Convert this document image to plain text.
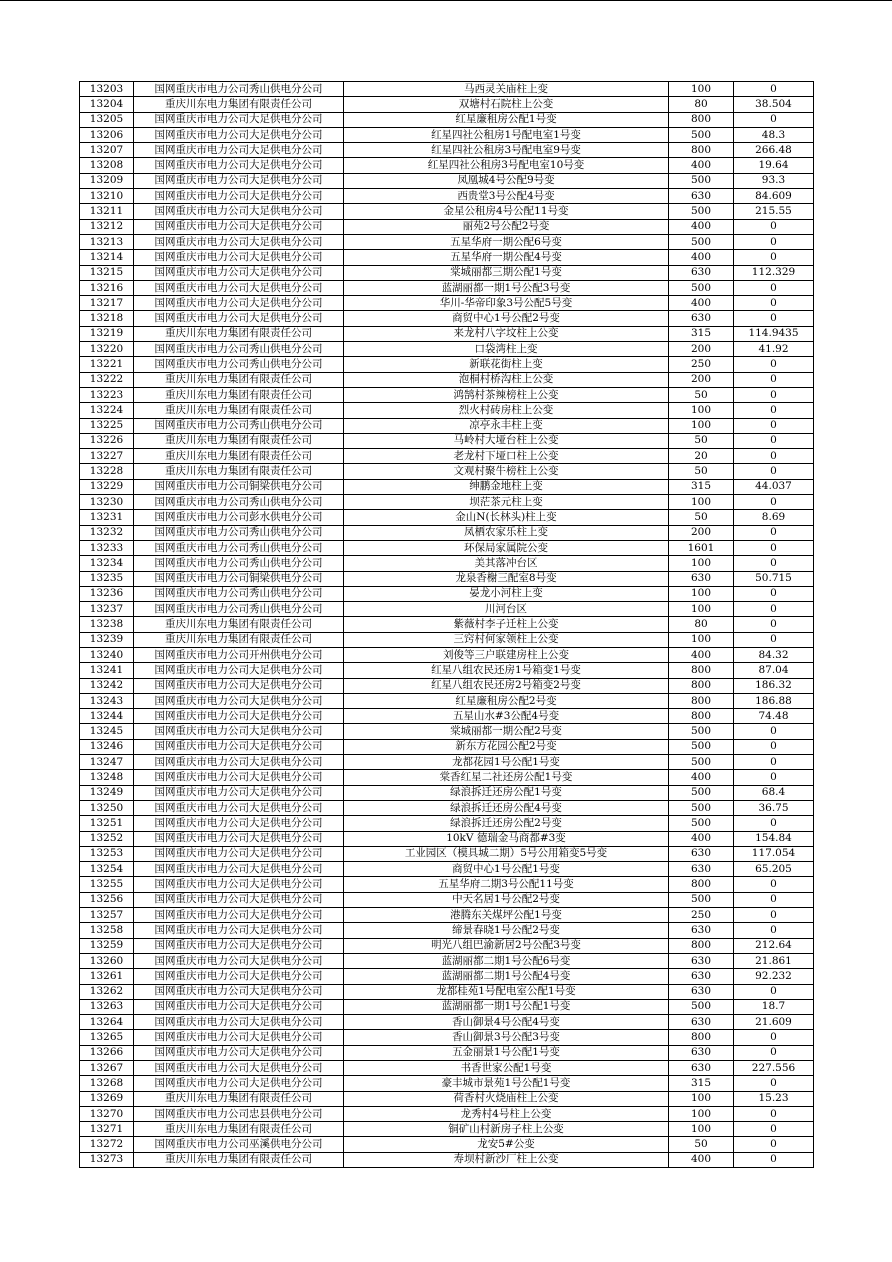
13203	国网重庆市电力公司秀山供电分公司	马西灵关庙柱上变	100	0
13204	重庆川东电力集团有限责任公司	双塘村石院柱上公变	80	38.504
13205	国网重庆市电力公司大足供电分公司	红星廉租房公配1号变	800	0
13206	国网重庆市电力公司大足供电分公司	红星四社公租房1号配电室1号变	500	48.3
13207	国网重庆市电力公司大足供电分公司	红星四社公租房3号配电室9号变	800	266.48
13208	国网重庆市电力公司大足供电分公司	红星四社公租房3号配电室10号变	400	19.64
13209	国网重庆市电力公司大足供电分公司	凤凰城4号公配9号变	500	93.3
13210	国网重庆市电力公司大足供电分公司	西贵堂3号公配4号变	630	84.609
13211	国网重庆市电力公司大足供电分公司	金星公租房4号公配11号变	500	215.55
13212	国网重庆市电力公司大足供电分公司	丽苑2号公配2号变	400	0
13213	国网重庆市电力公司大足供电分公司	五星华府一期公配6号变	500	0
13214	国网重庆市电力公司大足供电分公司	五星华府一期公配4号变	400	0
13215	国网重庆市电力公司大足供电分公司	棠城丽都三期公配1号变	630	112.329
13216	国网重庆市电力公司大足供电分公司	蓝湖丽都一期1号公配3号变	500	0
13217	国网重庆市电力公司大足供电分公司	华川-华帝印象3号公配5号变	400	0
13218	国网重庆市电力公司大足供电分公司	商贸中心1号公配2号变	630	0
13219	重庆川东电力集团有限责任公司	来龙村八字坟柱上公变	315	114.9435
13220	国网重庆市电力公司秀山供电分公司	口袋湾柱上变	200	41.92
13221	国网重庆市电力公司秀山供电分公司	新联花街柱上变	250	0
13222	重庆川东电力集团有限责任公司	泡桐村桥沟柱上公变	200	0
13223	重庆川东电力集团有限责任公司	鸿鹄村茶辣榜柱上公变	50	0
13224	重庆川东电力集团有限责任公司	烈火村砖房柱上公变	100	0
13225	国网重庆市电力公司秀山供电分公司	凉亭永丰柱上变	100	0
13226	重庆川东电力集团有限责任公司	马岭村大垭台柱上公变	50	0
13227	重庆川东电力集团有限责任公司	老龙村下垭口柱上公变	20	0
13228	重庆川东电力集团有限责任公司	文观村聚牛榜柱上公变	50	0
13229	国网重庆市电力公司铜梁供电分公司	绅鹏金地柱上变	315	44.037
13230	国网重庆市电力公司秀山供电分公司	坝茫茶元柱上变	100	0
13231	国网重庆市电力公司彭水供电分公司	金山N(长林头)柱上变	50	8.69
13232	国网重庆市电力公司秀山供电分公司	凤栖农家乐柱上变	200	0
13233	国网重庆市电力公司秀山供电分公司	环保局家属院公变	1601	0
13234	国网重庆市电力公司秀山供电分公司	美其落冲台区	100	0
13235	国网重庆市电力公司铜梁供电分公司	龙泉香榭三配室8号变	630	50.715
13236	国网重庆市电力公司秀山供电分公司	晏龙小河柱上变	100	0
13237	国网重庆市电力公司秀山供电分公司	川河台区	100	0
13238	重庆川东电力集团有限责任公司	紫薇村李子迁柱上公变	80	0
13239	重庆川东电力集团有限责任公司	三窍村何家领柱上公变	100	0
13240	国网重庆市电力公司开州供电分公司	刘俊等三户联建房柱上公变	400	84.32
13241	国网重庆市电力公司大足供电分公司	红星八组农民还房1号箱变1号变	800	87.04
13242	国网重庆市电力公司大足供电分公司	红星八组农民还房2号箱变2号变	800	186.32
13243	国网重庆市电力公司大足供电分公司	红星廉租房公配2号变	800	186.88
13244	国网重庆市电力公司大足供电分公司	五星山水#3公配4号变	800	74.48
13245	国网重庆市电力公司大足供电分公司	棠城丽都一期公配2号变	500	0
13246	国网重庆市电力公司大足供电分公司	新东方花园公配2号变	500	0
13247	国网重庆市电力公司大足供电分公司	龙都花园1号公配1号变	500	0
13248	国网重庆市电力公司大足供电分公司	棠香红星二社还房公配1号变	400	0
13249	国网重庆市电力公司大足供电分公司	绿浪拆迁还房公配1号变	500	68.4
13250	国网重庆市电力公司大足供电分公司	绿浪拆迁还房公配4号变	500	36.75
13251	国网重庆市电力公司大足供电分公司	绿浪拆迁还房公配2号变	500	0
13252	国网重庆市电力公司大足供电分公司	10kV 德瑞金马商都#3变	400	154.84
13253	国网重庆市电力公司大足供电分公司	工业园区（模具城二期）5号公用箱变5号变	630	117.054
13254	国网重庆市电力公司大足供电分公司	商贸中心1号公配1号变	630	65.205
13255	国网重庆市电力公司大足供电分公司	五星华府二期3号公配11号变	800	0
13256	国网重庆市电力公司大足供电分公司	中天名居1号公配2号变	500	0
13257	国网重庆市电力公司大足供电分公司	港腾东关煤坪公配1号变	250	0
13258	国网重庆市电力公司大足供电分公司	缔景春晓1号公配2号变	630	0
13259	国网重庆市电力公司大足供电分公司	明光八组巴渝新居2号公配3号变	800	212.64
13260	国网重庆市电力公司大足供电分公司	蓝湖丽都二期1号公配6号变	630	21.861
13261	国网重庆市电力公司大足供电分公司	蓝湖丽都二期1号公配4号变	630	92.232
13262	国网重庆市电力公司大足供电分公司	龙都桂苑1号配电室公配1号变	630	0
13263	国网重庆市电力公司大足供电分公司	蓝湖丽都一期1号公配1号变	500	18.7
13264	国网重庆市电力公司大足供电分公司	香山御景4号公配4号变	630	21.609
13265	国网重庆市电力公司大足供电分公司	香山御景3号公配3号变	800	0
13266	国网重庆市电力公司大足供电分公司	五金丽景1号公配1号变	630	0
13267	国网重庆市电力公司大足供电分公司	书香世家公配1号变	630	227.556
13268	国网重庆市电力公司大足供电分公司	豪丰城市景苑1号公配1号变	315	0
13269	重庆川东电力集团有限责任公司	荷香村火烧庙柱上公变	100	15.23
13270	国网重庆市电力公司忠县供电分公司	龙秀村4号柱上公变	100	0
13271	重庆川东电力集团有限责任公司	铜矿山村新房子柱上公变	100	0
13272	国网重庆市电力公司巫溪供电分公司	龙安5#公变	50	0
13273	重庆川东电力集团有限责任公司	寿坝村新沙厂柱上公变	400	0
